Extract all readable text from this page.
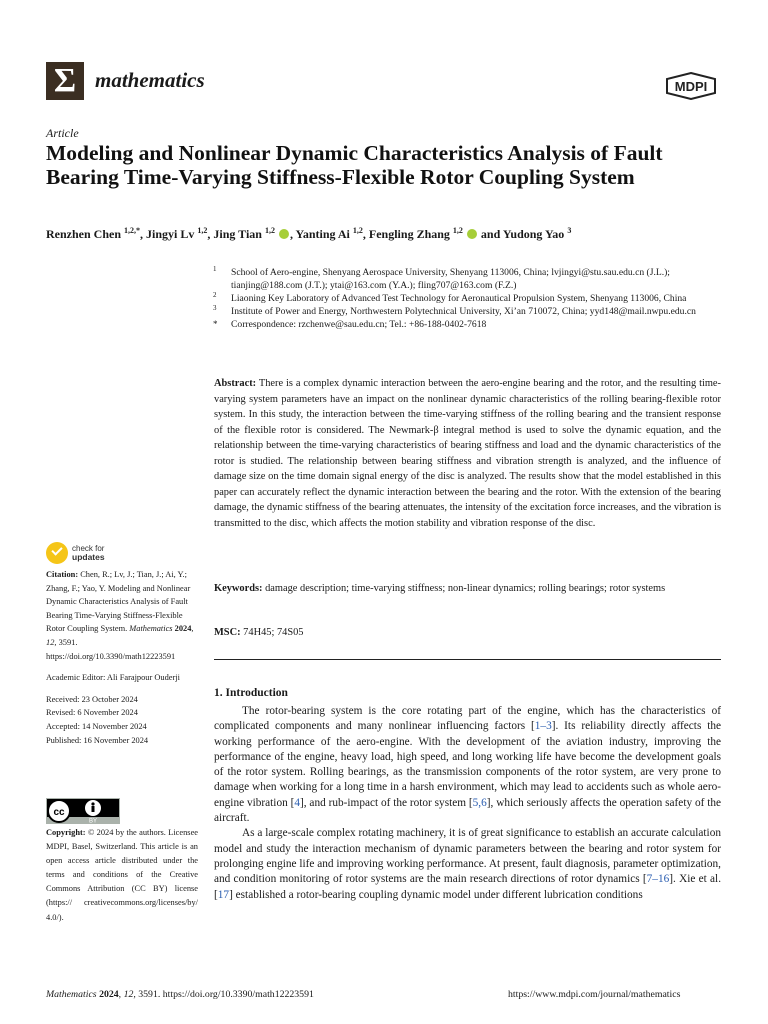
Σ mathematics	MDPI
Article
Modeling and Nonlinear Dynamic Characteristics Analysis of Fault Bearing Time-Varying Stiffness-Flexible Rotor Coupling System
Renzhen Chen $^{1,2,*}$, Jingyi Lv $^{1,2}$, Jing Tian $^{1,2}$ , Yanting Ai $^{1,2}$, Fengling Zhang $^{1,2}$  and Yudong Yao $^3$
1 School of Aero-engine, Shenyang Aerospace University, Shenyang 113006, China; lvjingyi@stu.sau.edu.cn (J.L.); tianjing@188.com (J.T.); ytai@163.com (Y.A.); fling707@163.com (F.Z.)
2 Liaoning Key Laboratory of Advanced Test Technology for Aeronautical Propulsion System, Shenyang 113006, China
3 Institute of Power and Energy, Northwestern Polytechnical University, Xi’an 710072, China; yyd148@mail.nwpu.edu.cn
* Correspondence: rzchenwe@sau.edu.cn; Tel.: +86-188-0402-7618
Abstract: There is a complex dynamic interaction between the aero-engine bearing and the rotor, and the resulting time-varying system parameters have an impact on the nonlinear dynamic characteristics of the rolling bearing-flexible rotor system. In this study, the interaction between the time-varying stiffness of the rolling bearing and the transient response of the flexible rotor is considered. The Newmark-β integral method is used to solve the dynamic equation, and the relationship between the time-varying characteristics of bearing stiffness and load and the dynamic characteristics of the rotor is studied. The relationship between bearing stiffness and vibration strength is analyzed, and the influence of damage size on the time domain signal energy of the disc is analyzed. The results show that the model established in this paper can accurately reflect the dynamic interaction between the bearing and the rotor. With the extension of the bearing damage, the dynamic stiffness of the bearing attenuates, the intensity of the excitation force increases, and the vibration is transmitted to the disc, which affects the motion stability and vibration response of the disc.
Keywords: damage description; time-varying stiffness; non-linear dynamics; rolling bearings; rotor systems
MSC: 74H45; 74S05
check for
updates

Citation: Chen, R.; Lv, J.; Tian, J.; Ai, Y.; Zhang, F.; Yao, Y. Modeling and Nonlinear Dynamic Characteristics Analysis of Fault Bearing Time-Varying Stiffness-Flexible Rotor Coupling System. Mathematics 2024, 12, 3591. https://doi.org/10.3390/math12223591

Academic Editor: Ali Farajpour Ouderji

Received: 23 October 2024
Revised: 6 November 2024
Accepted: 14 November 2024
Published: 16 November 2024

cc
BY
Copyright: © 2024 by the authors. Licensee MDPI, Basel, Switzerland. This article is an open access article distributed under the terms and conditions of the Creative Commons Attribution (CC BY) license (https:// creativecommons.org/licenses/by/ 4.0/).
1. Introduction

The rotor-bearing system is the core rotating part of the engine, which has the characteristics of complicated components and many nonlinear influencing factors [1–3]. Its reliability directly affects the working performance of the aero-engine. With the development of the aviation industry, improving the performance of the engine, heavy load, high speed, and long working life have become the development goals of the rotor system. Rolling bearings, as the transmission components of the rotor system, are very prone to damage when working for a long time in a harsh environment, which may lead to accidents such as whole aero-engine vibration [4], and rub-impact of the rotor system [5,6], which seriously affects the operation safety of the aircraft.

As a large-scale complex rotating machinery, it is of great significance to establish an accurate calculation model and study the interaction mechanism of dynamic parameters between the bearing and rotor system for prolonging engine life and improving working performance. At present, fault diagnosis, parameter optimization, and condition monitoring of rotor systems are the main research directions of rotor dynamics [7–16]. Xie et al. [17] established a rotor-bearing coupling dynamic model under different lubrication conditions

Mathematics 2024, 12, 3591. https://doi.org/10.3390/math12223591	https://www.mdpi.com/journal/mathematics
